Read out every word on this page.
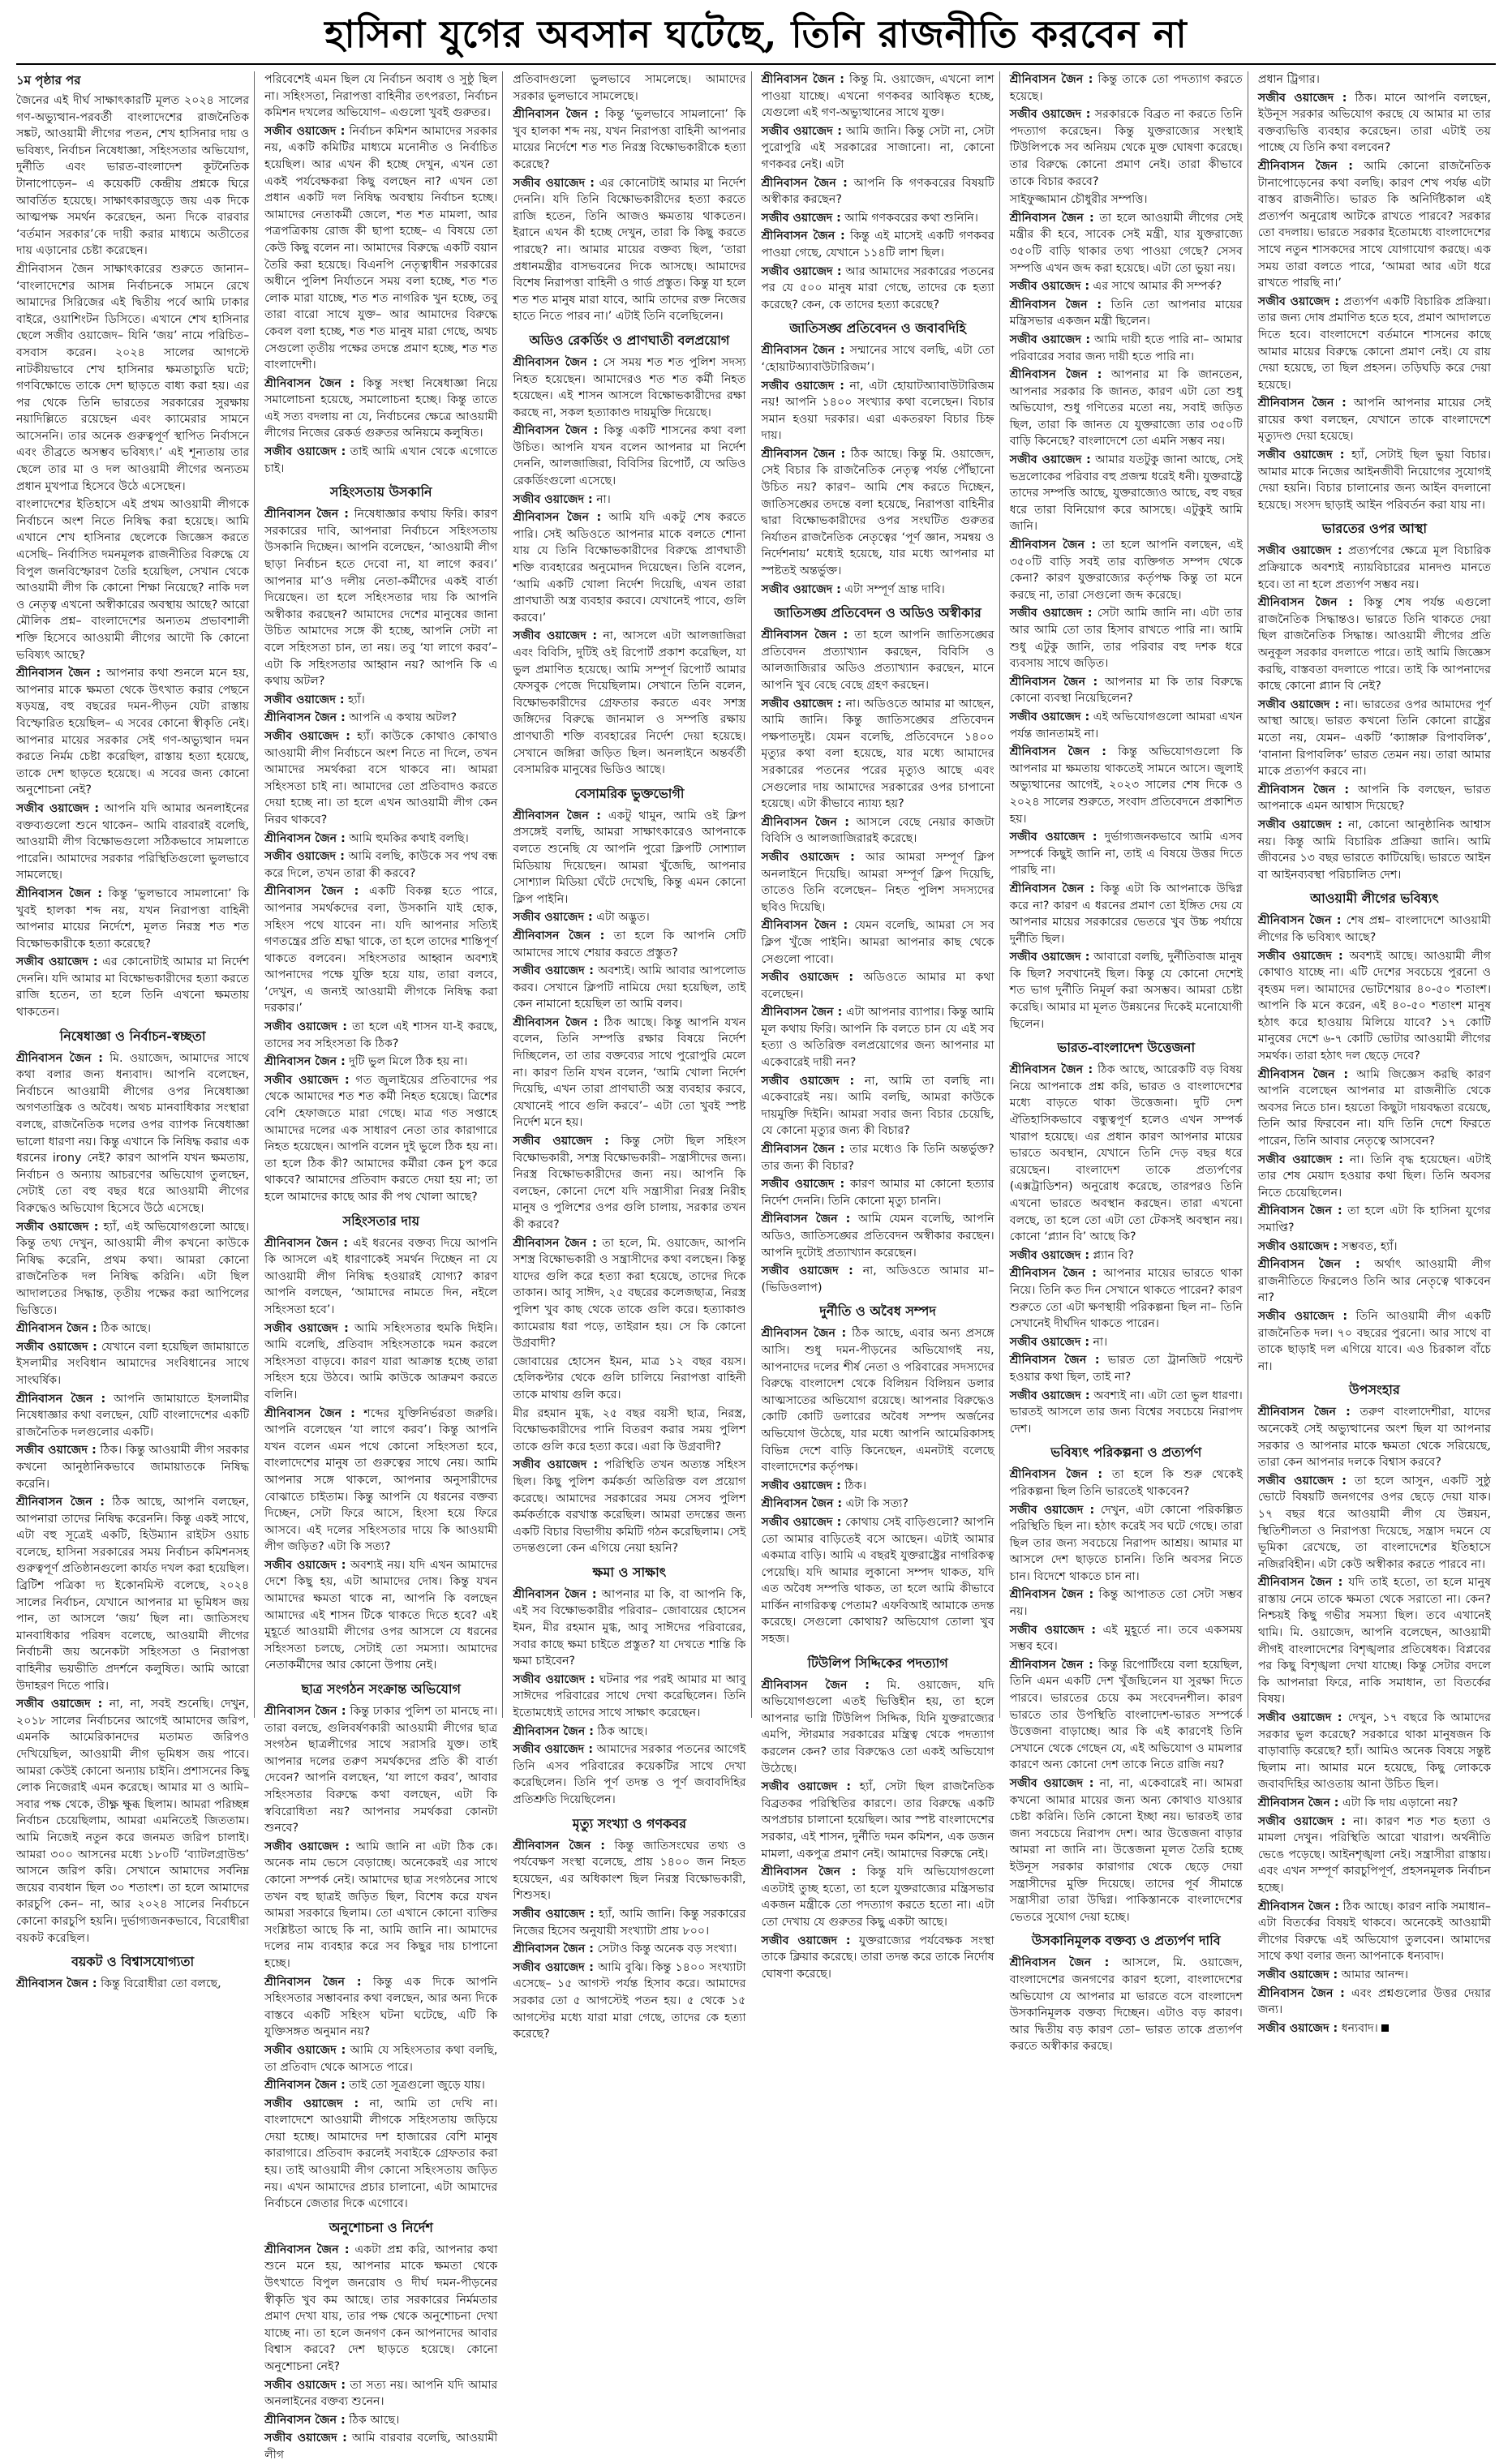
হাসিনা যুগের অবসান ঘটেছে, তিনি রাজনীতি করবেন না
১ম পৃষ্ঠার পর

জৈনের এই দীর্ঘ সাক্ষাৎকারটি মূলত ২০২৪ সালের গণ-অভ্যুত্থান-পরবর্তী বাংলাদেশের রাজনৈতিক সঙ্কট, আওয়ামী লীগের পতন, শেখ হাসিনার দায় ও ভবিষ্যৎ, নির্বাচন নিষেধাজ্ঞা, সহিংসতার অভিযোগ, দুর্নীতি এবং ভারত-বাংলাদেশ কূটনৈতিক টানাপোড়েন– এ কয়েকটি কেন্দ্রীয় প্রশ্নকে ঘিরে আবর্তিত হয়েছে। সাক্ষাৎকারজুড়ে জয় এক দিকে আত্মপক্ষ সমর্থন করেছেন, অন্য দিকে বারবার ‘বর্তমান সরকার’কে দায়ী করার মাধ্যমে অতীতের দায় এড়ানোর চেষ্টা করেছেন।

শ্রীনিবাসন জৈন সাক্ষাৎকারের শুরুতে জানান– ‘বাংলাদেশের আসন্ন নির্বাচনকে সামনে রেখে আমাদের সিরিজের এই দ্বিতীয় পর্বে আমি ঢাকার বাইরে, ওয়াশিংটন ডিসিতে। এখানে শেখ হাসিনার ছেলে সজীব ওয়াজেদ– যিনি ‘জয়’ নামে পরিচিত– বসবাস করেন। ২০২৪ সালের আগস্টে নাটকীয়ভাবে শেখ হাসিনার ক্ষমতাচ্যুতি ঘটে; গণবিক্ষোভে তাকে দেশ ছাড়তে বাধ্য করা হয়। এর পর থেকে তিনি ভারতের সরকারের সুরক্ষায় নয়াদিল্লিতে রয়েছেন এবং ক্যামেরার সামনে আসেননি। তার অনেক গুরুত্বপূর্ণ স্থাপিত নির্বাসনে এবং তীব্রতে অসম্ভব ভবিষ্যৎ।’ এই শূন্যতায় তার ছেলে তার মা ও দল আওয়ামী লীগের অন্যতম প্রধান মুখপাত্র হিসেবে উঠে এসেছেন।

বাংলাদেশের ইতিহাসে এই প্রথম আওয়ামী লীগকে নির্বাচনে অংশ নিতে নিষিদ্ধ করা হয়েছে। আমি এখানে শেখ হাসিনার ছেলেকে জিজ্ঞেস করতে এসেছি– নির্বাসিত দমনমূলক রাজনীতির বিরুদ্ধে যে বিপুল জনবিস্ফোরণ তৈরি হয়েছিল, সেখান থেকে আওয়ামী লীগ কি কোনো শিক্ষা নিয়েছে? নাকি দল ও নেতৃত্ব এখনো অস্বীকারের অবস্থায় আছে? আরো মৌলিক প্রশ্ন– বাংলাদেশের অন্যতম প্রভাবশালী শক্তি হিসেবে আওয়ামী লীগের আদৌ কি কোনো ভবিষ্যৎ আছে?

শ্রীনিবাসন জৈন : আপনার কথা শুনলে মনে হয়, আপনার মাকে ক্ষমতা থেকে উৎখাত করার পেছনে ষড়যন্ত্র, বহু বছরের দমন-পীড়ন যেটা রাস্তায় বিস্ফোরিত হয়েছিল– এ সবের কোনো স্বীকৃতি নেই। আপনার মায়ের সরকার সেই গণ-অভ্যুত্থান দমন করতে নির্মম চেষ্টা করেছিল, রাস্তায় হত্যা হয়েছে, তাকে দেশ ছাড়তে হয়েছে। এ সবের জন্য কোনো অনুশোচনা নেই?

সজীব ওয়াজেদ : আপনি যদি আমার অনলাইনের বক্তব্যগুলো শুনে থাকেন– আমি বারবারই বলেছি, আওয়ামী লীগ বিক্ষোভগুলো সঠিকভাবে সামলাতে পারেনি। আমাদের সরকার পরিস্থিতিগুলো ভুলভাবে সামলেছে।

শ্রীনিবাসন জৈন : কিন্তু ‘ভুলভাবে সামলানো’ কি খুবই হালকা শব্দ নয়, যখন নিরাপত্তা বাহিনী আপনার মায়ের নির্দেশে, মূলত নিরস্ত্র শত শত বিক্ষোভকারীকে হত্যা করেছে?

সজীব ওয়াজেদ : এর কোনোটাই আমার মা নির্দেশ দেননি। যদি আমার মা বিক্ষোভকারীদের হত্যা করতে রাজি হতেন, তা হলে তিনি এখনো ক্ষমতায় থাকতেন।

নিষেধাজ্ঞা ও নির্বাচন-স্বচ্ছতা

শ্রীনিবাসন জৈন : মি. ওয়াজেদ, আমাদের সাথে কথা বলার জন্য ধন্যবাদ। আপনি বলেছেন, নির্বাচনে আওয়ামী লীগের ওপর নিষেধাজ্ঞা অগণতান্ত্রিক ও অবৈধ। অথচ মানবাধিকার সংস্থারা বলছে, রাজনৈতিক দলের ওপর ব্যাপক নিষেধাজ্ঞা ভালো ধারণা নয়। কিন্তু এখানে কি নিষিদ্ধ করার এক ধরনের irony নেই? কারণ আপনি যখন ক্ষমতায়, নির্বাচন ও অন্যায় আচরণের অভিযোগ তুলছেন, সেটাই তো বহু বছর ধরে আওয়ামী লীগের বিরুদ্ধেও অভিযোগ হিসেবে উঠে এসেছে।

সজীব ওয়াজেদ : হ্যাঁ, এই অভিযোগগুলো আছে। কিন্তু তথ্য দেখুন, আওয়ামী লীগ কখনো কাউকে নিষিদ্ধ করেনি, প্রথম কথা। আমরা কোনো রাজনৈতিক দল নিষিদ্ধ করিনি। এটা ছিল আদালতের সিদ্ধান্ত, তৃতীয় পক্ষের করা আপিলের ভিত্তিতে।

শ্রীনিবাসন জৈন : ঠিক আছে।

সজীব ওয়াজেদ : যেখানে বলা হয়েছিল জামায়াতে ইসলামীর সংবিধান আমাদের সংবিধানের সাথে সাংঘর্ষিক।

শ্রীনিবাসন জৈন : আপনি জামায়াতে ইসলামীর নিষেধাজ্ঞার কথা বলছেন, যেটি বাংলাদেশের একটি রাজনৈতিক দলগুলোর একটি।

সজীব ওয়াজেদ : ঠিক। কিন্তু আওয়ামী লীগ সরকার কখনো আনুষ্ঠানিকভাবে জামায়াতকে নিষিদ্ধ করেনি।

শ্রীনিবাসন জৈন : ঠিক আছে, আপনি বলছেন, আপনারা তাদের নিষিদ্ধ করেননি। কিন্তু একই সাথে, এটা বহু সূত্রেই একটি, হিউম্যান রাইটস ওয়াচ বলেছে, হাসিনা সরকারের সময় নির্বাচন কমিশনসহ গুরুত্বপূর্ণ প্রতিষ্ঠানগুলো কার্যত দখল করা হয়েছিল। ব্রিটিশ পত্রিকা দ্য ইকোনমিস্ট বলেছে, ২০২৪ সালের নির্বাচন, যেখানে আপনার মা ভূমিধস জয় পান, তা আসলে ‘জয়’ ছিল না। জাতিসংঘ মানবাধিকার পরিষদ বলেছে, আওয়ামী লীগের নির্বাচনী জয় অনেকটা সহিংসতা ও নিরাপত্তা বাহিনীর ভয়ভীতি প্রদর্শনে কলুষিত। আমি আরো উদাহরণ দিতে পারি।

সজীব ওয়াজেদ : না, না, সবই শুনেছি। দেখুন, ২০১৮ সালের নির্বাচনের আগেই আমাদের জরিপ, এমনকি আমেরিকানদের মতামত জরিপও দেখিয়েছিল, আওয়ামী লীগ ভূমিধস জয় পাবে। আমরা কেউই কোনো অন্যায় চাইনি। প্রশাসনের কিছু লোক নিজেরাই এমন করেছে। আমার মা ও আমি– সবার পক্ষ থেকে, তীক্ষ্ণ ক্ষুব্ধ ছিলাম। আমরা পরিচ্ছন্ন নির্বাচন চেয়েছিলাম, আমরা এমনিতেই জিততাম। আমি নিজেই নতুন করে জনমত জরিপ চালাই। আমরা ৩০০ আসনের মধ্যে ১৮০টি ‘ব্যাটলগ্রাউন্ড’ আসনে জরিপ করি। সেখানে আমাদের সর্বনিম্ন জয়ের ব্যবধান ছিল ৩০ শতাংশ। তা হলে আমাদের কারচুপি কেন– না, আর ২০২৪ সালের নির্বাচনে কোনো কারচুপি হয়নি। দুর্ভাগ্যজনকভাবে, বিরোধীরা বয়কট করেছিল।

বয়কট ও বিশ্বাসযোগ্যতা

শ্রীনিবাসন জৈন : কিন্তু বিরোধীরা তো বলছে,

পরিবেশেই এমন ছিল যে নির্বাচন অবাধ ও সুষ্ঠু ছিল না। সহিংসতা, নিরাপত্তা বাহিনীর তৎপরতা, নির্বাচন কমিশন দখলের অভিযোগ– এগুলো খুবই গুরুতর।

সজীব ওয়াজেদ : নির্বাচন কমিশন আমাদের সরকার নয়, একটি কমিটির মাধ্যমে মনোনীত ও নির্বাচিত হয়েছিল। আর এখন কী হচ্ছে দেখুন, এখন তো একই পর্যবেক্ষকরা কিছু বলছেন না? এখন তো প্রধান একটি দল নিষিদ্ধ অবস্থায় নির্বাচন হচ্ছে। আমাদের নেতাকর্মী জেলে, শত শত মামলা, আর পত্রপত্রিকায় রোজ কী ছাপা হচ্ছে– এ বিষয়ে তো কেউ কিছু বলেন না। আমাদের বিরুদ্ধে একটি বয়ান তৈরি করা হয়েছে। বিএনপি নেতৃত্বাধীন সরকারের অধীনে পুলিশ নির্যাতনে সময় বলা হচ্ছে, শত শত লোক মারা যাচ্ছে, শত শত নাগরিক খুন হচ্ছে, তবু তারা বারো সাথে যুক্ত– আর আমাদের বিরুদ্ধে কেবল বলা হচ্ছে, শত শত মানুষ মারা গেছে, অথচ সেগুলো তৃতীয় পক্ষের তদন্তে প্রমাণ হচ্ছে, শত শত বাংলাদেশী।

শ্রীনিবাসন জৈন : কিন্তু সংস্থা নিষেধাজ্ঞা নিয়ে সমালোচনা হয়েছে, সমালোচনা হচ্ছে। কিন্তু তাতে এই সত্য বদলায় না যে, নির্বাচনের ক্ষেত্রে আওয়ামী লীগের নিজের রেকর্ড গুরুতর অনিয়মে কলুষিত।

সজীব ওয়াজেদ : তাই আমি এখান থেকে এগোতে চাই।

সহিংসতায় উসকানি

শ্রীনিবাসন জৈন : নিষেধাজ্ঞার কথায় ফিরি। কারণ সরকারের দাবি, আপনারা নির্বাচনে সহিংসতায় উসকানি দিচ্ছেন। আপনি বলেছেন, ‘আওয়ামী লীগ ছাড়া নির্বাচন হতে দেবো না, যা লাগে করব।’ আপনার মা’ও দলীয় নেতা-কর্মীদের একই বার্তা দিয়েছেন। তা হলে সহিংসতার দায় কি আপনি অস্বীকার করছেন? আমাদের দেশের মানুষের জানা উচিত আমাদের সঙ্গে কী হচ্ছে, আপনি সেটা না বলে সহিংসতা চান, তা নয়। তবু ‘যা লাগে করব’– এটা কি সহিংসতার আহ্বান নয়? আপনি কি এ কথায় অটল?

সজীব ওয়াজেদ : হ্যাঁ।

শ্রীনিবাসন জৈন : আপনি এ কথায় অটল?

সজীব ওয়াজেদ : হ্যাঁ। কাউকে কোথাও কোথাও আওয়ামী লীগ নির্বাচনে অংশ নিতে না দিলে, তখন আমাদের সমর্থকরা বসে থাকবে না। আমরা সহিংসতা চাই না। আমাদের তো প্রতিবাদও করতে দেয়া হচ্ছে না। তা হলে এখন আওয়ামী লীগ কেন নিরব থাকবে?

শ্রীনিবাসন জৈন : আমি হুমকির কথাই বলছি।

সজীব ওয়াজেদ : আমি বলছি, কাউকে সব পথ বন্ধ করে দিলে, তখন তারা কী করবে?

শ্রীনিবাসন জৈন : একটি বিকল্প হতে পারে, আপনার সমর্থকদের বলা, উসকানি যাই হোক, সহিংস পথে যাবেন না। যদি আপনার সত্যিই গণতন্ত্রের প্রতি শ্রদ্ধা থাকে, তা হলে তাদের শান্তিপূর্ণ থাকতে বলবেন। সহিংসতার আহ্বান অবশ্যই আপনাদের পক্ষে যুক্তি হয়ে যায়, তারা বলবে, ‘দেখুন, এ জন্যই আওয়ামী লীগকে নিষিদ্ধ করা দরকার।’

সজীব ওয়াজেদ : তা হলে এই শাসন যা-ই করছে, তাদের সব সহিংসতা কি ঠিক?

শ্রীনিবাসন জৈন : দুটি ভুল মিলে ঠিক হয় না।

সজীব ওয়াজেদ : গত জুলাইয়ের প্রতিবাদের পর থেকে আমাদের শত শত কর্মী নিহত হয়েছে। ত্রিশের বেশি হেফাজতে মারা গেছে। মাত্র গত সপ্তাহে আমাদের দলের এক সাধারণ নেতা তার কারাগারে নিহত হয়েছেন। আপনি বলেন দুই ভুলে ঠিক হয় না। তা হলে ঠিক কী? আমাদের কর্মীরা কেন চুপ করে থাকবে? আমাদের প্রতিবাদ করতে দেয়া হয় না; তা হলে আমাদের কাছে আর কী পথ খোলা আছে?

সহিংসতার দায়

শ্রীনিবাসন জৈন : এই ধরনের বক্তব্য দিয়ে আপনি কি আসলে এই ধারণাকেই সমর্থন দিচ্ছেন না যে আওয়ামী লীগ নিষিদ্ধ হওয়ারই যোগ্য? কারণ আপনি বলছেন, ‘আমাদের নামতে দিন, নইলে সহিংসতা হবে’।

সজীব ওয়াজেদ : আমি সহিংসতার হুমকি দিইনি। আমি বলেছি, প্রতিবাদ সহিংসতাকে দমন করলে সহিংসতা বাড়বে। কারণ যারা আক্রান্ত হচ্ছে তারা সহিংস হয়ে উঠবে। আমি কাউকে আক্রমণ করতে বলিনি।

শ্রীনিবাসন জৈন : শব্দের যুক্তিনির্ভরতা জরুরি। আপনি বলেছেন ‘যা লাগে করব’। কিন্তু আপনি যখন বলেন এমন পথে কোনো সহিংসতা হবে, বাংলাদেশের মানুষ তা গুরুত্বের সাথে নেয়। আমি আপনার সঙ্গে থাকলে, আপনার অনুসারীদের বোঝাতে চাইতাম। কিন্তু আপনি যে ধরনের বক্তব্য দিচ্ছেন, সেটা ফিরে আসে, হিংসা হয়ে ফিরে আসবে। এই দলের সহিংসতার দায়ে কি আওয়ামী লীগ জড়িত? এটা কি সত্য?

সজীব ওয়াজেদ : অবশ্যই নয়। যদি এখন আমাদের দেশে কিছু হয়, এটা আমাদের দোষ। কিন্তু যখন আমাদের ক্ষমতা থাকে না, আপনি কি বলছেন আমাদের এই শাসন টিকে থাকতে দিতে হবে? এই মুহূর্তে আওয়ামী লীগের ওপর আসলে যে ধরনের সহিংসতা চলছে, সেটাই তো সমস্যা। আমাদের নেতাকর্মীদের আর কোনো উপায় নেই।

ছাত্র সংগঠন সংক্রান্ত অভিযোগ

শ্রীনিবাসন জৈন : কিন্তু ঢাকার পুলিশ তা মানছে না। তারা বলছে, গুলিবর্ষণকারী আওয়ামী লীগের ছাত্র সংগঠন ছাত্রলীগের সাথে সরাসরি যুক্ত। তাই আপনার দলের তরুণ সমর্থকদের প্রতি কী বার্তা দেবেন? আপনি বলছেন, ‘যা লাগে করব’, আবার সহিংসতার বিরুদ্ধে কথা বলছেন, এটা কি স্ববিরোধিতা নয়? আপনার সমর্থকরা কোনটা শুনবে?

সজীব ওয়াজেদ : আমি জানি না এটা ঠিক কে। অনেক নাম ভেসে বেড়াচ্ছে। অনেকেরই এর সাথে কোনো সম্পর্ক নেই। আমাদের ছাত্র সংগঠনের সাথে তখন বহু ছাত্রই জড়িত ছিল, বিশেষ করে যখন আমরা সরকারে ছিলাম। তো এখানে কোনো ব্যক্তির সংশ্লিষ্টতা আছে কি না, আমি জানি না। আমাদের দলের নাম ব্যবহার করে সব কিছুর দায় চাপানো হচ্ছে।

শ্রীনিবাসন জৈন : কিন্তু এক দিকে আপনি সহিংসতার সম্ভাবনার কথা বলছেন, আর অন্য দিকে বাস্তবে একটি সহিংস ঘটনা ঘটেছে, এটি কি যুক্তিসঙ্গত অনুমান নয়?

সজীব ওয়াজেদ : আমি যে সহিংসতার কথা বলছি, তা প্রতিবাদ থেকে আসতে পারে।

শ্রীনিবাসন জৈন : তাই তো সূত্রগুলো জুড়ে যায়।

সজীব ওয়াজেদ : না, আমি তা দেখি না। বাংলাদেশে আওয়ামী লীগকে সহিংসতায় জড়িয়ে দেয়া হচ্ছে। আমাদের দশ হাজারের বেশি মানুষ কারাগারে। প্রতিবাদ করলেই সবাইকে গ্রেফতার করা হয়। তাই আওয়ামী লীগ কোনো সহিংসতায় জড়িত নয়। এখন আমাদের প্রচার চালানো, এটা আমাদের নির্বাচনে জেতার দিকে এগোবে।

অনুশোচনা ও নির্দেশ

শ্রীনিবাসন জৈন : একটা প্রশ্ন করি, আপনার কথা শুনে মনে হয়, আপনার মাকে ক্ষমতা থেকে উৎখাতে বিপুল জনরোষ ও দীর্ঘ দমন-পীড়নের স্বীকৃতি খুব কম আছে। তার সরকারের নির্মমতার প্রমাণ দেখা যায়, তার পক্ষ থেকে অনুশোচনা দেখা যাচ্ছে না। তা হলে জনগণ কেন আপনাদের আবার বিশ্বাস করবে? দেশ ছাড়তে হয়েছে। কোনো অনুশোচনা নেই?

সজীব ওয়াজেদ : তা সত্য নয়। আপনি যদি আমার অনলাইনের বক্তব্য শুনেন।

শ্রীনিবাসন জৈন : ঠিক আছে।

সজীব ওয়াজেদ : আমি বারবার বলেছি, আওয়ামী লীগ

প্রতিবাদগুলো ভুলভাবে সামলেছে। আমাদের সরকার ভুলভাবে সামলেছে।

শ্রীনিবাসন জৈন : কিন্তু ‘ভুলভাবে সামলানো’ কি খুব হালকা শব্দ নয়, যখন নিরাপত্তা বাহিনী আপনার মায়ের নির্দেশে শত শত নিরস্ত্র বিক্ষোভকারীকে হত্যা করেছে?

সজীব ওয়াজেদ : এর কোনোটাই আমার মা নির্দেশ দেননি। যদি তিনি বিক্ষোভকারীদের হত্যা করতে রাজি হতেন, তিনি আজও ক্ষমতায় থাকতেন। ইরানে এখন কী হচ্ছে দেখুন, তারা কি কিছু করতে পারছে? না। আমার মায়ের বক্তব্য ছিল, ‘তারা প্রধানমন্ত্রীর বাসভবনের দিকে আসছে। আমাদের বিশেষ নিরাপত্তা বাহিনী ও গার্ড প্রস্তুত। কিন্তু যা হলে শত শত মানুষ মারা যাবে, আমি তাদের রক্ত নিজের হাতে নিতে পারব না।’ এটাই তিনি বলেছিলেন।

অডিও রেকর্ডিং ও প্রাণঘাতী বলপ্রয়োগ

শ্রীনিবাসন জৈন : সে সময় শত শত পুলিশ সদস্য নিহত হয়েছেন। আমাদেরও শত শত কর্মী নিহত হয়েছেন। এই শাসন আসলে বিক্ষোভকারীদের রক্ষা করছে না, সকল হত্যাকাণ্ড দায়মুক্তি দিয়েছে।

শ্রীনিবাসন জৈন : কিন্তু একটি শাসনের কথা বলা উচিত। আপনি যখন বলেন আপনার মা নির্দেশ দেননি, আলজাজিরা, বিবিসির রিপোর্ট, যে অডিও রেকর্ডিংগুলো এসেছে।

সজীব ওয়াজেদ : না।

শ্রীনিবাসন জৈন : আমি যদি একটু শেষ করতে পারি। সেই অডিওতে আপনার মাকে বলতে শোনা যায় যে তিনি বিক্ষোভকারীদের বিরুদ্ধে প্রাণঘাতী শক্তি ব্যবহারের অনুমোদন দিয়েছেন। তিনি বলেন, ‘আমি একটি খোলা নির্দেশ দিয়েছি, এখন তারা প্রাণঘাতী অস্ত্র ব্যবহার করবে। যেখানেই পাবে, গুলি করবে।’

সজীব ওয়াজেদ : না, আসলে এটা আলজাজিরা এবং বিবিসি, দুটিই ওই রিপোর্ট প্রকাশ করেছিল, যা ভুল প্রমাণিত হয়েছে। আমি সম্পূর্ণ রিপোর্ট আমার ফেসবুক পেজে দিয়েছিলাম। সেখানে তিনি বলেন, বিক্ষোভকারীদের গ্রেফতার করতে এবং সশস্ত্র জঙ্গিদের বিরুদ্ধে জানমাল ও সম্পত্তি রক্ষায় প্রাণঘাতী শক্তি ব্যবহারের নির্দেশ দেয়া হয়েছে। সেখানে জঙ্গিরা জড়িত ছিল। অনলাইনে অন্তর্বর্তী বেসামরিক মানুষের ভিডিও আছে।

বেসামরিক ভুক্তভোগী

শ্রীনিবাসন জৈন : একটু থামুন, আমি ওই ক্লিপ প্রসঙ্গেই বলছি, আমরা সাক্ষাৎকারেও আপনাকে বলতে শুনেছি যে আপনি পুরো ক্লিপটি সোশ্যাল মিডিয়ায় দিয়েছেন। আমরা খুঁজেছি, আপনার সোশ্যাল মিডিয়া ঘেঁটে দেখেছি, কিন্তু এমন কোনো ক্লিপ পাইনি।

সজীব ওয়াজেদ : এটা অদ্ভুত।

শ্রীনিবাসন জৈন : তা হলে কি আপনি সেটি আমাদের সাথে শেয়ার করতে প্রস্তুত?

সজীব ওয়াজেদ : অবশ্যই। আমি আবার আপলোড করব। সেখানে ক্লিপটি নামিয়ে দেয়া হয়েছিল, তাই কেন নামানো হয়েছিল তা আমি বলব।

শ্রীনিবাসন জৈন : ঠিক আছে। কিন্তু আপনি যখন বলেন, তিনি সম্পত্তি রক্ষার বিষয়ে নির্দেশ দিচ্ছিলেন, তা তার বক্তব্যের সাথে পুরোপুরি মেলে না। কারণ তিনি যখন বলেন, ‘আমি খোলা নির্দেশ দিয়েছি, এখন তারা প্রাণঘাতী অস্ত্র ব্যবহার করবে, যেখানেই পাবে গুলি করবে’– এটা তো খুবই স্পষ্ট নির্দেশ মনে হয়।

সজীব ওয়াজেদ : কিন্তু সেটা ছিল সহিংস বিক্ষোভকারী, সশস্ত্র বিক্ষোভকারী– সন্ত্রাসীদের জন্য। নিরস্ত্র বিক্ষোভকারীদের জন্য নয়। আপনি কি বলছেন, কোনো দেশে যদি সন্ত্রাসীরা নিরস্ত্র নিরীহ মানুষ ও পুলিশের ওপর গুলি চালায়, সরকার তখন কী করবে?

শ্রীনিবাসন জৈন : তা হলে, মি. ওয়াজেদ, আপনি সশস্ত্র বিক্ষোভকারী ও সন্ত্রাসীদের কথা বলছেন। কিন্তু যাদের গুলি করে হত্যা করা হয়েছে, তাদের দিকে তাকান। আবু সাঈদ, ২৫ বছরের কলেজছাত্র, নিরস্ত্র পুলিশ খুব কাছ থেকে তাকে গুলি করে। হত্যাকাণ্ড ক্যামেরায় ধরা পড়ে, তাইরান হয়। সে কি কোনো উগ্রবাদী?

জোবায়ের হোসেন ইমন, মাত্র ১২ বছর বয়স। হেলিকপ্টার থেকে গুলি চালিয়ে নিরাপত্তা বাহিনী তাকে মাথায় গুলি করে।

মীর রহমান মুগ্ধ, ২৫ বছর বয়সী ছাত্র, নিরস্ত্র, বিক্ষোভকারীদের পানি বিতরণ করার সময় পুলিশ তাকে গুলি করে হত্যা করে। এরা কি উগ্রবাদী?

সজীব ওয়াজেদ : পরিস্থিতি তখন অত্যন্ত সহিংস ছিল। কিছু পুলিশ কর্মকর্তা অতিরিক্ত বল প্রয়োগ করেছে। আমাদের সরকারের সময় সেসব পুলিশ কর্মকর্তাকে বরখাস্ত করেছিল। আমরা তদন্তের জন্য একটি বিচার বিভাগীয় কমিটি গঠন করেছিলাম। সেই তদন্তগুলো কেন এগিয়ে নেয়া হয়নি?

ক্ষমা ও সাক্ষাৎ

শ্রীনিবাসন জৈন : আপনার মা কি, বা আপনি কি, এই সব বিক্ষোভকারীর পরিবার– জোবায়ের হোসেন ইমন, মীর রহমান মুগ্ধ, আবু সাঈদের পরিবারের, সবার কাছে ক্ষমা চাইতে প্রস্তুত? যা দেখতে শান্তি কি ক্ষমা চাইবেন?

সজীব ওয়াজেদ : ঘটনার পর পরই আমার মা আবু সাঈদের পরিবারের সাথে দেখা করেছিলেন। তিনি ইতোমধ্যেই তাদের সাথে সাক্ষাৎ করেছেন।

শ্রীনিবাসন জৈন : ঠিক আছে।

সজীব ওয়াজেদ : আমাদের সরকার পতনের আগেই তিনি এসব পরিবারের কয়েকটির সাথে দেখা করেছিলেন। তিনি পূর্ণ তদন্ত ও পূর্ণ জবাবদিহির প্রতিশ্রুতি দিয়েছিলেন।

মৃত্যু সংখ্যা ও গণকবর

শ্রীনিবাসন জৈন : কিন্তু জাতিসংঘের তথ্য ও পর্যবেক্ষণ সংস্থা বলেছে, প্রায় ১৪০০ জন নিহত হয়েছেন, এর অধিকাংশ ছিল নিরস্ত্র বিক্ষোভকারী, শিশুসহ।

সজীব ওয়াজেদ : হ্যাঁ, আমি জানি। কিন্তু সরকারের নিজের হিসেব অনুযায়ী সংখ্যাটা প্রায় ৮০০।

শ্রীনিবাসন জৈন : সেটাও কিন্তু অনেক বড় সংখ্যা।

সজীব ওয়াজেদ : আমি বুঝি। কিন্তু ১৪০০ সংখ্যাটা এসেছে– ১৫ আগস্ট পর্যন্ত হিসাব করে। আমাদের সরকার তো ৫ আগস্টেই পতন হয়। ৫ থেকে ১৫ আগস্টের মধ্যে যারা মারা গেছে, তাদের কে হত্যা করেছে?

শ্রীনিবাসন জৈন : কিন্তু মি. ওয়াজেদ, এখনো লাশ পাওয়া যাচ্ছে। এখনো গণকবর আবিষ্কৃত হচ্ছে, যেগুলো এই গণ-অভ্যুত্থানের সাথে যুক্ত।

সজীব ওয়াজেদ : আমি জানি। কিন্তু সেটা না, সেটা পুরোপুরি এই সরকারের সাজানো। না, কোনো গণকবর নেই। এটা

শ্রীনিবাসন জৈন : আপনি কি গণকবরের বিষয়টি অস্বীকার করছেন?

সজীব ওয়াজেদ : আমি গণকবরের কথা শুনিনি।

শ্রীনিবাসন জৈন : কিন্তু এই মাসেই একটি গণকবর পাওয়া গেছে, যেখানে ১১৪টি লাশ ছিল।

সজীব ওয়াজেদ : আর আমাদের সরকারের পতনের পর যে ৫০০ মানুষ মারা গেছে, তাদের কে হত্যা করেছে? কেন, কে তাদের হত্যা করেছে?

জাতিসঙ্ঘ প্রতিবেদন ও জবাবদিহি

শ্রীনিবাসন জৈন : সম্মানের সাথে বলছি, এটা তো ‘হোয়াটঅ্যাবাউটারিজম’।

সজীব ওয়াজেদ : না, এটা হোয়াটঅ্যাবাউটারিজম নয়! আপনি ১৪০০ সংখ্যার কথা বলেছেন। বিচার সমান হওয়া দরকার। এরা একতরফা বিচার চিহ্ন দায়।

শ্রীনিবাসন জৈন : ঠিক আছে। কিন্তু মি. ওয়াজেদ, সেই বিচার কি রাজনৈতিক নেতৃত্ব পর্যন্ত পৌঁছানো উচিত নয়? কারণ– আমি শেষ করতে দিচ্ছেন, জাতিসঙ্ঘের তদন্তে বলা হয়েছে, নিরাপত্তা বাহিনীর দ্বারা বিক্ষোভকারীদের ওপর সংঘটিত গুরুতর নির্যাতন রাজনৈতিক নেতৃত্বের ‘পূর্ণ জ্ঞান, সমন্বয় ও নির্দেশনায়’ মধ্যেই হয়েছে, যার মধ্যে আপনার মা স্পষ্টতই অন্তর্ভুক্ত।

সজীব ওয়াজেদ : এটা সম্পূর্ণ ভ্রান্ত দাবি।

জাতিসঙ্ঘ প্রতিবেদন ও অডিও অস্বীকার

শ্রীনিবাসন জৈন : তা হলে আপনি জাতিসঙ্ঘের প্রতিবেদন প্রত্যাখ্যান করছেন, বিবিসি ও আলজাজিরার অডিও প্রত্যাখ্যান করছেন, মানে আপনি খুব বেছে বেছে গ্রহণ করছেন।

সজীব ওয়াজেদ : না। অডিওতে আমার মা আছেন, আমি জানি। কিন্তু জাতিসঙ্ঘের প্রতিবেদন পক্ষপাতদুষ্ট। যেমন বলেছি, প্রতিবেদনে ১৪০০ মৃত্যুর কথা বলা হয়েছে, যার মধ্যে আমাদের সরকারের পতনের পরের মৃত্যুও আছে এবং সেগুলোর দায় আমাদের সরকারের ওপর চাপানো হয়েছে। এটা কীভাবে ন্যায্য হয়?

শ্রীনিবাসন জৈন : আসলে বেছে নেয়ার কাজটা বিবিসি ও আলজাজিরারই করেছে।

সজীব ওয়াজেদ : আর আমরা সম্পূর্ণ ক্লিপ অনলাইনে দিয়েছি। আমরা সম্পূর্ণ ক্লিপ দিয়েছি, তাতেও তিনি বলেছেন– নিহত পুলিশ সদস্যদের ছবিও দিয়েছি।

শ্রীনিবাসন জৈন : যেমন বলেছি, আমরা সে সব ক্লিপ খুঁজে পাইনি। আমরা আপনার কাছ থেকে সেগুলো পাবো।

সজীব ওয়াজেদ : অডিওতে আমার মা কথা বলেছেন।

শ্রীনিবাসন জৈন : এটা আপনার ব্যাপার। কিন্তু আমি মূল কথায় ফিরি। আপনি কি বলতে চান যে এই সব হত্যা ও অতিরিক্ত বলপ্রয়োগের জন্য আপনার মা একেবারেই দায়ী নন?

সজীব ওয়াজেদ : না, আমি তা বলছি না। একেবারেই নয়। আমি বলছি, আমরা কাউকে দায়মুক্তি দিইনি। আমরা সবার জন্য বিচার চেয়েছি, যে কোনো মৃত্যুর জন্য কী বিচার?

শ্রীনিবাসন জৈন : তার মধ্যেও কি তিনি অন্তর্ভুক্ত? তার জন্য কী বিচার?

সজীব ওয়াজেদ : কারণ আমার মা কোনো হত্যার নির্দেশ দেননি। তিনি কোনো মৃত্যু চাননি।

শ্রীনিবাসন জৈন : আমি যেমন বলেছি, আপনি অডিও, জাতিসঙ্ঘের প্রতিবেদন অস্বীকার করছেন। আপনি দুটোই প্রত্যাখ্যান করেছেন।

সজীব ওয়াজেদ : না, অডিওতে আমার মা– (ভিডিওলাপ)

দুর্নীতি ও অবৈধ সম্পদ

শ্রীনিবাসন জৈন : ঠিক আছে, এবার অন্য প্রসঙ্গে আসি। শুধু দমন-পীড়নের অভিযোগই নয়, আপনাদের দলের শীর্ষ নেতা ও পরিবারের সদস্যদের বিরুদ্ধে বাংলাদেশ থেকে বিলিয়ন বিলিয়ন ডলার আত্মসাতের অভিযোগ রয়েছে। আপনার বিরুদ্ধেও কোটি কোটি ডলারের অবৈধ সম্পদ অর্জনের অভিযোগ উঠেছে, যার মধ্যে আপনি আমেরিকাসহ বিভিন্ন দেশে বাড়ি কিনেছেন, এমনটাই বলেছে বাংলাদেশের কর্তৃপক্ষ।

সজীব ওয়াজেদ : ঠিক।

শ্রীনিবাসন জৈন : এটা কি সত্য?

সজীব ওয়াজেদ : কোথায় সেই বাড়িগুলো? আপনি তো আমার বাড়িতেই বসে আছেন। এটাই আমার একমাত্র বাড়ি। আমি এ বছরই যুক্তরাষ্ট্রের নাগরিকত্ব পেয়েছি। যদি আমার লুকানো সম্পদ থাকত, যদি এত অবৈধ সম্পত্তি থাকত, তা হলে আমি কীভাবে মার্কিন নাগরিকত্ব পেতাম? এফবিআই আমাকে তদন্ত করেছে। সেগুলো কোথায়? অভিযোগ তোলা খুব সহজ।

টিউলিপ সিদ্দিকের পদত্যাগ

শ্রীনিবাসন জৈন : মি. ওয়াজেদ, যদি অভিযোগগুলো এতই ভিত্তিহীন হয়, তা হলে আপনার ভাগ্নি টিউলিপ সিদ্দিক, যিনি যুক্তরাজ্যের এমপি, স্টারমার সরকারের মন্ত্রিত্ব থেকে পদত্যাগ করলেন কেন? তার বিরুদ্ধেও তো একই অভিযোগ উঠেছে।

সজীব ওয়াজেদ : হ্যাঁ, সেটা ছিল রাজনৈতিক বিব্রতকর পরিস্থিতির কারণে। তার বিরুদ্ধে একটি অপপ্রচার চালানো হয়েছিল। আর স্পষ্ট বাংলাদেশের সরকার, এই শাসন, দুর্নীতি দমন কমিশন, এক ডজন মামলা, একপুত্র প্রমাণ নেই। আমাদের বিরুদ্ধে নেই।

শ্রীনিবাসন জৈন : কিন্তু যদি অভিযোগগুলো এতটাই তুচ্ছ হতো, তা হলে যুক্তরাজ্যের মন্ত্রিসভার একজন মন্ত্রীকে তো পদত্যাগ করতে হতো না। এটা তো দেখায় যে গুরুতর কিছু একটা আছে।

সজীব ওয়াজেদ : যুক্তরাজ্যের পর্যবেক্ষক সংস্থা তাকে ক্লিয়ার করেছে। তারা তদন্ত করে তাকে নির্দোষ ঘোষণা করেছে।

শ্রীনিবাসন জৈন : কিন্তু তাকে তো পদত্যাগ করতে হয়েছে।

সজীব ওয়াজেদ : সরকারকে বিব্রত না করতে তিনি পদত্যাগ করেছেন। কিন্তু যুক্তরাজ্যের সংস্থাই টিউলিপকে সব অনিয়ম থেকে মুক্ত ঘোষণা করেছে। তার বিরুদ্ধে কোনো প্রমাণ নেই। তারা কীভাবে তাকে বিচার করবে?

সাইফুজ্জামান চৌধুরীর সম্পত্তি।

শ্রীনিবাসন জৈন : তা হলে আওয়ামী লীগের সেই মন্ত্রীর কী হবে, সাবেক সেই মন্ত্রী, যার যুক্তরাজ্যে ৩৫০টি বাড়ি থাকার তথ্য পাওয়া গেছে? সেসব সম্পত্তি এখন জব্দ করা হয়েছে। এটা তো ভুয়া নয়।

সজীব ওয়াজেদ : এর সাথে আমার কী সম্পর্ক?

শ্রীনিবাসন জৈন : তিনি তো আপনার মায়ের মন্ত্রিসভার একজন মন্ত্রী ছিলেন।

সজীব ওয়াজেদ : আমি দায়ী হতে পারি না– আমার পরিবারের সবার জন্য দায়ী হতে পারি না।

শ্রীনিবাসন জৈন : আপনার মা কি জানতেন, আপনার সরকার কি জানত, কারণ এটা তো শুধু অভিযোগ, শুধু গণিতের মতো নয়, সবাই জড়িত ছিল, তারা কি জানত যে যুক্তরাজ্যে তার ৩৫০টি বাড়ি কিনেছে? বাংলাদেশে তো এমনি সম্ভব নয়।

সজীব ওয়াজেদ : আমার যতটুকু জানা আছে, সেই ভদ্রলোকের পরিবার বহু প্রজন্ম ধরেই ধনী। যুক্তরাষ্ট্রে তাদের সম্পত্তি আছে, যুক্তরাজ্যেও আছে, বহু বছর ধরে তারা বিনিয়োগ করে আসছে। এটুকুই আমি জানি।

শ্রীনিবাসন জৈন : তা হলে আপনি বলছেন, এই ৩৫০টি বাড়ি সবই তার ব্যক্তিগত সম্পদ থেকে কেনা? কারণ যুক্তরাজ্যের কর্তৃপক্ষ কিন্তু তা মনে করছে না, তারা সেগুলো জব্দ করেছে।

সজীব ওয়াজেদ : সেটা আমি জানি না। এটা তার আর আমি তো তার হিসাব রাখতে পারি না। আমি শুধু এটুকু জানি, তার পরিবার বহু দশক ধরে ব্যবসায় সাথে জড়িত।

শ্রীনিবাসন জৈন : আপনার মা কি তার বিরুদ্ধে কোনো ব্যবস্থা নিয়েছিলেন?

সজীব ওয়াজেদ : এই অভিযোগগুলো আমরা এখন পর্যন্ত জানতামই না।

শ্রীনিবাসন জৈন : কিন্তু অভিযোগগুলো কি আপনার মা ক্ষমতায় থাকতেই সামনে আসে। জুলাই অভ্যুত্থানের আগেই, ২০২৩ সালের শেষ দিকে ও ২০২৪ সালের শুরুতে, সংবাদ প্রতিবেদনে প্রকাশিত হয়।

সজীব ওয়াজেদ : দুর্ভাগ্যজনকভাবে আমি এসব সম্পর্কে কিছুই জানি না, তাই এ বিষয়ে উত্তর দিতে পারছি না।

শ্রীনিবাসন জৈন : কিন্তু এটা কি আপনাকে উদ্বিগ্ন করে না? কারণ এ ধরনের প্রমাণ তো ইঙ্গিত দেয় যে আপনার মায়ের সরকারের ভেতরে খুব উচ্চ পর্যায়ে দুর্নীতি ছিল।

সজীব ওয়াজেদ : আবারো বলছি, দুর্নীতিবাজ মানুষ কি ছিল? সবখানেই ছিল। কিন্তু যে কোনো দেশেই শত ভাগ দুর্নীতি নিমূর্ল করা অসম্ভব। আমরা চেষ্টা করেছি। আমার মা মূলত উন্নয়নের দিকেই মনোযোগী ছিলেন।

ভারত-বাংলাদেশ উত্তেজনা

শ্রীনিবাসন জৈন : ঠিক আছে, আরেকটি বড় বিষয় নিয়ে আপনাকে প্রশ্ন করি, ভারত ও বাংলাদেশের মধ্যে বাড়তে থাকা উত্তেজনা। দুটি দেশ ঐতিহাসিকভাবে বন্ধুত্বপূর্ণ হলেও এখন সম্পর্ক খারাপ হয়েছে। এর প্রধান কারণ আপনার মায়ের ভারতে অবস্থান, যেখানে তিনি দেড় বছর ধরে রয়েছেন। বাংলাদেশ তাকে প্রত্যর্পণের (এক্সট্রাডিশন) অনুরোধ করেছে, তারপরও তিনি এখনো ভারতে অবস্থান করছেন। তারা এখনো বলছে, তা হলে তো এটা তো টেকসই অবস্থান নয়। কোনো ‘প্ল্যান বি’ আছে কি?

সজীব ওয়াজেদ : প্ল্যান বি?

শ্রীনিবাসন জৈন : আপনার মায়ের ভারতে থাকা নিয়ে। তিনি কত দিন সেখানে থাকতে পারেন? কারণ শুরুতে তো এটা ক্ষণস্থায়ী পরিকল্পনা ছিল না– তিনি সেখানেই দীর্ঘদিন থাকতে পারেন।

সজীব ওয়াজেদ : না।

শ্রীনিবাসন জৈন : ভারত তো ট্রানজিট পয়েন্ট হওয়ার কথা ছিল, তাই না?

সজীব ওয়াজেদ : অবশ্যই না। এটা তো ভুল ধারণা। ভারতই আসলে তার জন্য বিশ্বের সবচেয়ে নিরাপদ দেশ।

ভবিষ্যৎ পরিকল্পনা ও প্রত্যর্পণ

শ্রীনিবাসন জৈন : তা হলে কি শুরু থেকেই পরিকল্পনা ছিল তিনি ভারতেই থাকবেন?

সজীব ওয়াজেদ : দেখুন, এটা কোনো পরিকল্পিত পরিস্থিতি ছিল না। হঠাৎ করেই সব ঘটে গেছে। তারা ছিল তার জন্য সবচেয়ে নিরাপদ আশ্রয়। আমার মা আসলে দেশ ছাড়তে চাননি। তিনি অবসর নিতে চান। বিদেশে থাকতে চান না।

শ্রীনিবাসন জৈন : কিন্তু আপাতত তো সেটা সম্ভব নয়।

সজীব ওয়াজেদ : এই মুহূর্তে না। তবে একসময় সম্ভব হবে।

শ্রীনিবাসন জৈন : কিন্তু রিপোর্টিংয়ে বলা হয়েছিল, তিনি এমন একটি দেশ খুঁজছিলেন যা সুরক্ষা দিতে পারবে। ভারতের চেয়ে কম সংবেদনশীল। কারণ ভারতে তার উপস্থিতি বাংলাদেশ-ভারত সম্পর্কে উত্তেজনা বাড়াচ্ছে। আর কি এই কারণেই তিনি সেখানে থেকে গেছেন যে, এই অভিযোগ ও মামলার কারণে অন্য কোনো দেশ তাকে নিতে রাজি নয়?

সজীব ওয়াজেদ : না, না, একেবারেই না। আমরা কখনো আমার মায়ের জন্য অন্য কোথাও যাওয়ার চেষ্টা করিনি। তিনি কোনো ইচ্ছা নয়। ভারতই তার জন্য সবচেয়ে নিরাপদ দেশ। আর উত্তেজনা বাড়ার আমরা না জানি না। উত্তেজনা মূলত তৈরি হচ্ছে ইউনূস সরকার কারাগার থেকে ছেড়ে দেয়া সন্ত্রাসীদের মুক্তি দিয়েছে। তাদের পূর্ব সীমান্তে সন্ত্রাসীরা তারা উদ্বিগ্ন। পাকিস্তানকে বাংলাদেশের ভেতরে সুযোগ দেয়া হচ্ছে।

উসকানিমূলক বক্তব্য ও প্রত্যর্পণ দাবি

শ্রীনিবাসন জৈন : আসলে, মি. ওয়াজেদ, বাংলাদেশের জনগণের কারণ হলো, বাংলাদেশের অভিযোগ যে আপনার মা ভারতে বসে বাংলাদেশ উসকানিমূলক বক্তব্য দিচ্ছেন। এটাও বড় কারণ। আর দ্বিতীয় বড় কারণ তো– ভারত তাকে প্রত্যর্পণ করতে অস্বীকার করছে।

প্রধান ট্রিগার।

সজীব ওয়াজেদ : ঠিক। মানে আপনি বলছেন, ইউনূস সরকার অভিযোগ করছে যে আমার মা তার বক্তব্যভিত্তি ব্যবহার করেছেন। তারা এটাই তয় পাচ্ছে যে তিনি কথা বলবেন?

শ্রীনিবাসন জৈন : আমি কোনো রাজনৈতিক টানাপোড়েনের কথা বলছি। কারণ শেখ পর্যন্ত এটা বাস্তব রাজনীতি। ভারত কি অনির্দিষ্টকাল এই প্রত্যর্পণ অনুরোধ আটকে রাখতে পারবে? সরকার তো বদলায়। ভারতে সরকার ইতোমধ্যে বাংলাদেশের সাথে নতুন শাসকদের সাথে যোগাযোগ করছে। এক সময় তারা বলতে পারে, ‘আমরা আর এটা ধরে রাখতে পারছি না।’

সজীব ওয়াজেদ : প্রত্যর্পণ একটি বিচারিক প্রক্রিয়া। তার জন্য দোষ প্রমাণিত হতে হবে, প্রমাণ আদালতে দিতে হবে। বাংলাদেশে বর্তমানে শাসনের কাছে আমার মায়ের বিরুদ্ধে কোনো প্রমাণ নেই। যে রায় দেয়া হয়েছে, তা ছিল প্রহসন। তড়িঘড়ি করে দেয়া হয়েছে।

শ্রীনিবাসন জৈন : আপনি আপনার মায়ের সেই রায়ের কথা বলছেন, যেখানে তাকে বাংলাদেশে মৃত্যুদণ্ড দেয়া হয়েছে।

সজীব ওয়াজেদ : হ্যাঁ, সেটাই ছিল ভুয়া বিচার। আমার মাকে নিজের আইনজীবী নিয়োগের সুযোগই দেয়া হয়নি। বিচার চালানোর জন্য আইন বদলানো হয়েছে। সংসদ ছাড়াই আইন পরিবর্তন করা যায় না।

ভারতের ওপর আস্থা

সজীব ওয়াজেদ : প্রত্যর্পণের ক্ষেত্রে মূল বিচারিক প্রক্রিয়াকে অবশ্যই ন্যায়বিচারের মানদণ্ড মানতে হবে। তা না হলে প্রত্যর্পণ সম্ভব নয়।

শ্রীনিবাসন জৈন : কিন্তু শেষ পর্যন্ত এগুলো রাজনৈতিক সিদ্ধান্তও। ভারতে তিনি থাকতে দেয়া ছিল রাজনৈতিক সিদ্ধান্ত। আওয়ামী লীগের প্রতি অনুকূল সরকার বদলাতে পারে। তাই আমি জিজ্ঞেস করছি, বাস্তবতা বদলাতে পারে। তাই কি আপনাদের কাছে কোনো প্ল্যান বি নেই?

সজীব ওয়াজেদ : না। ভারতের ওপর আমাদের পূর্ণ আস্থা আছে। ভারত কখনো তিনি কোনো রাষ্ট্রের মতো নয়, যেমন– একটি ‘ক্যাঙ্গারু রিপাবলিক’, ‘বানানা রিপাবলিক’ ভারত তেমন নয়। তারা আমার মাকে প্রত্যর্পণ করবে না।

শ্রীনিবাসন জৈন : আপনি কি বলছেন, ভারত আপনাকে এমন আশ্বাস দিয়েছে?

সজীব ওয়াজেদ : না, কোনো আনুষ্ঠানিক আশ্বাস নয়। কিন্তু আমি বিচারিক প্রক্রিয়া জানি। আমি জীবনের ১৩ বছর ভারতে কাটিয়েছি। ভারতে আইন বা আইনব্যবস্থা পরিচালিত দেশ।

আওয়ামী লীগের ভবিষ্যৎ

শ্রীনিবাসন জৈন : শেষ প্রশ্ন– বাংলাদেশে আওয়ামী লীগের কি ভবিষ্যৎ আছে?

সজীব ওয়াজেদ : অবশ্যই আছে। আওয়ামী লীগ কোথাও যাচ্ছে না। এটি দেশের সবচেয়ে পুরনো ও বৃহত্তম দল। আমাদের ভোটশেয়ার ৪০-৫০ শতাংশ। আপনি কি মনে করেন, এই ৪০-৫০ শতাংশ মানুষ হঠাৎ করে হাওয়ায় মিলিয়ে যাবে? ১৭ কোটি মানুষের দেশে ৬-৭ কোটি ভোটার আওয়ামী লীগের সমর্থক। তারা হঠাৎ দল ছেড়ে দেবে?

শ্রীনিবাসন জৈন : আমি জিজ্ঞেস করছি কারণ আপনি বলেছেন আপনার মা রাজনীতি থেকে অবসর নিতে চান। হয়তো কিছুটা দায়বদ্ধতা রয়েছে, তিনি আর ফিরবেন না। যদি তিনি দেশে ফিরতে পারেন, তিনি আবার নেতৃত্বে আসবেন?

সজীব ওয়াজেদ : না। তিনি বৃদ্ধ হয়েছেন। এটাই তার শেষ মেয়াদ হওয়ার কথা ছিল। তিনি অবসর নিতে চেয়েছিলেন।

শ্রীনিবাসন জৈন : তা হলে এটা কি হাসিনা যুগের সমাপ্তি?

সজীব ওয়াজেদ : সম্ভবত, হ্যাঁ।

শ্রীনিবাসন জৈন : অর্থাৎ আওয়ামী লীগ রাজনীতিতে ফিরলেও তিনি আর নেতৃত্বে থাকবেন না?

সজীব ওয়াজেদ : তিনি আওয়ামী লীগ একটি রাজনৈতিক দল। ৭০ বছরের পুরনো। আর সাথে বা তাকে ছাড়াই দল এগিয়ে যাবে। এও চিরকাল বাঁচে না।

উপসংহার

শ্রীনিবাসন জৈন : তরুণ বাংলাদেশীরা, যাদের অনেকেই সেই অভ্যুত্থানের অংশ ছিল যা আপনার সরকার ও আপনার মাকে ক্ষমতা থেকে সরিয়েছে, তারা কেন আপনার দলকে বিশ্বাস করবে?

সজীব ওয়াজেদ : তা হলে আসুন, একটি সুষ্ঠু ভোটে বিষয়টি জনগণের ওপর ছেড়ে দেয়া যাক। ১৭ বছর ধরে আওয়ামী লীগ যে উন্নয়ন, স্থিতিশীলতা ও নিরাপত্তা দিয়েছে, সন্ত্রাস দমনে যে ভূমিকা রেখেছে, তা বাংলাদেশের ইতিহাসে নজিরবিহীন। এটা কেউ অস্বীকার করতে পারবে না।

শ্রীনিবাসন জৈন : যদি তাই হতো, তা হলে মানুষ রাস্তায় নেমে তাকে ক্ষমতা থেকে সরাতো না। কেন? নিশ্চয়ই কিছু গভীর সমস্যা ছিল। তবে এখানেই থামি। মি. ওয়াজেদ, আপনি বলেছেন, আওয়ামী লীগই বাংলাদেশের বিশৃঙ্খলার প্রতিষেধক। বিপ্লবের পর কিছু বিশৃঙ্খলা দেখা যাচ্ছে। কিন্তু সেটার বদলে কি আপনারা ফিরে, নাকি সমাধান, তা বিতর্কের বিষয়।

সজীব ওয়াজেদ : দেখুন, ১৭ বছরে কি আমাদের সরকার ভুল করেছে? সরকারে থাকা মানুষজন কি বাড়াবাড়ি করেছে? হ্যাঁ। আমিও অনেক বিষয়ে সন্তুষ্ট ছিলাম না। আমার মনে হয়েছে, কিছু লোককে জবাবদিহির আওতায় আনা উচিত ছিল।

শ্রীনিবাসন জৈন : এটা কি দায় এড়ানো নয়?

সজীব ওয়াজেদ : না। কারণ শত শত হত্যা ও মামলা দেখুন। পরিস্থিতি আরো খারাপ। অর্থনীতি ভেঙে পড়েছে। আইনশৃঙ্খলা নেই। সন্ত্রাসীরা রাস্তায়। এবং এখন সম্পূর্ণ কারচুপিপূর্ণ, প্রহসনমূলক নির্বাচন হচ্ছে।

শ্রীনিবাসন জৈন : ঠিক আছে। কারণ নাকি সমাধান– এটা বিতর্কের বিষয়ই থাকবে। অনেকেই আওয়ামী লীগের বিরুদ্ধে এই অভিযোগ তুলবেন। আমাদের সাথে কথা বলার জন্য আপনাকে ধন্যবাদ।

সজীব ওয়াজেদ : আমার আনন্দ।

শ্রীনিবাসন জৈন : এবং প্রশ্নগুলোর উত্তর দেয়ার জন্য।

সজীব ওয়াজেদ : ধন্যবাদ।
